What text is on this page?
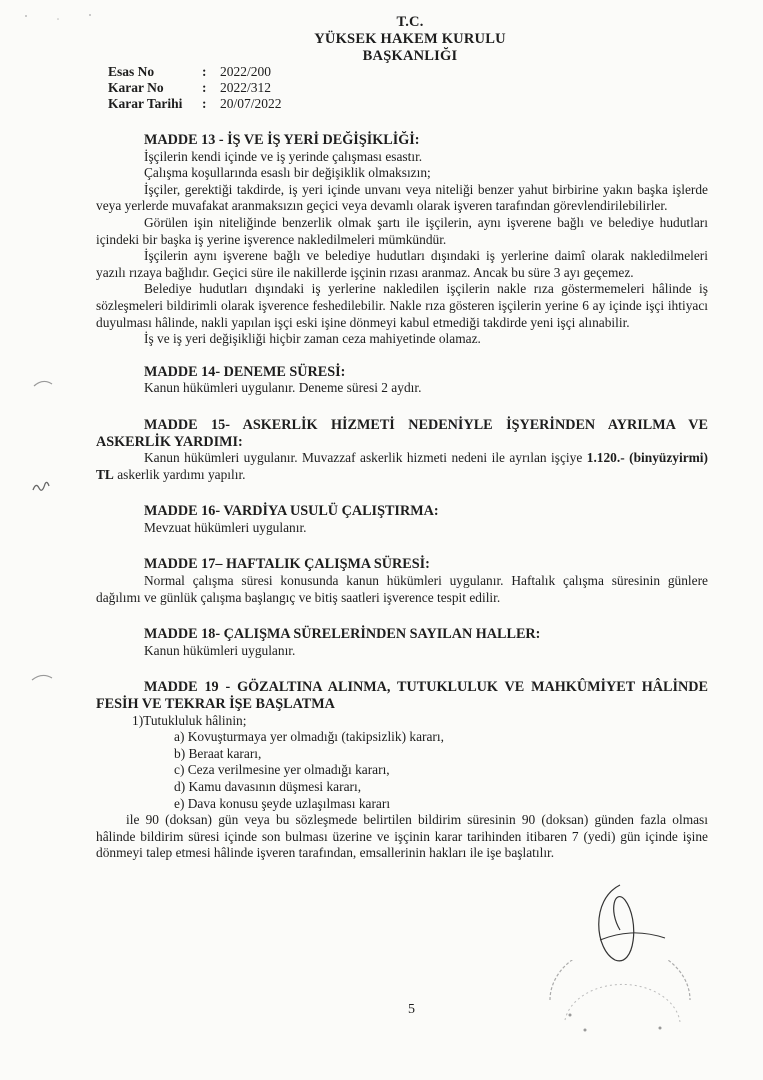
T.C.
YÜKSEK HAKEM KURULU
BAŞKANLIĞI
Esas No	:	2022/200
Karar No	:	2022/312
Karar Tarihi	:	20/07/2022

MADDE 13 - İŞ VE İŞ YERİ DEĞİŞİKLİĞİ:

İşçilerin kendi içinde ve iş yerinde çalışması esastır.

Çalışma koşullarında esaslı bir değişiklik olmaksızın;

İşçiler, gerektiği takdirde, iş yeri içinde unvanı veya niteliği benzer yahut birbirine yakın başka işlerde veya yerlerde muvafakat aranmaksızın geçici veya devamlı olarak işveren tarafından görevlendirilebilirler.

Görülen işin niteliğinde benzerlik olmak şartı ile işçilerin, aynı işverene bağlı ve belediye hudutları içindeki bir başka iş yerine işverence nakledilmeleri mümkündür.

İşçilerin aynı işverene bağlı ve belediye hudutları dışındaki iş yerlerine daimî olarak nakledilmeleri yazılı rızaya bağlıdır. Geçici süre ile nakillerde işçinin rızası aranmaz. Ancak bu süre 3 ayı geçemez.

Belediye hudutları dışındaki iş yerlerine nakledilen işçilerin nakle rıza göstermemeleri hâlinde iş sözleşmeleri bildirimli olarak işverence feshedilebilir. Nakle rıza gösteren işçilerin yerine 6 ay içinde işçi ihtiyacı duyulması hâlinde, nakli yapılan işçi eski işine dönmeyi kabul etmediği takdirde yeni işçi alınabilir.

İş ve iş yeri değişikliği hiçbir zaman ceza mahiyetinde olamaz.

MADDE 14- DENEME SÜRESİ:

Kanun hükümleri uygulanır. Deneme süresi 2 aydır.

MADDE 15- ASKERLİK HİZMETİ NEDENİYLE İŞYERİNDEN AYRILMA VE ASKERLİK YARDIMI:

Kanun hükümleri uygulanır. Muvazzaf askerlik hizmeti nedeni ile ayrılan işçiye 1.120.- (binyüzyirmi) TL askerlik yardımı yapılır.

MADDE 16- VARDİYA USULÜ ÇALIŞTIRMA:

Mevzuat hükümleri uygulanır.

MADDE 17– HAFTALIK ÇALIŞMA SÜRESİ:

Normal çalışma süresi konusunda kanun hükümleri uygulanır. Haftalık çalışma süresinin günlere dağılımı ve günlük çalışma başlangıç ve bitiş saatleri işverence tespit edilir.

MADDE 18- ÇALIŞMA SÜRELERİNDEN SAYILAN HALLER:

Kanun hükümleri uygulanır.

MADDE 19 - GÖZALTINA ALINMA, TUTUKLULUK VE MAHKÛMİYET HÂLİNDE FESİH VE TEKRAR İŞE BAŞLATMA

1)Tutukluluk hâlinin;

a) Kovuşturmaya yer olmadığı (takipsizlik) kararı,

b) Beraat kararı,

c) Ceza verilmesine yer olmadığı kararı,

d) Kamu davasının düşmesi kararı,

e) Dava konusu şeyde uzlaşılması kararı

ile 90 (doksan) gün veya bu sözleşmede belirtilen bildirim süresinin 90 (doksan) günden fazla olması hâlinde bildirim süresi içinde son bulması üzerine ve işçinin karar tarihinden itibaren 7 (yedi) gün içinde işine dönmeyi talep etmesi hâlinde işveren tarafından, emsallerinin hakları ile işe başlatılır.

5
